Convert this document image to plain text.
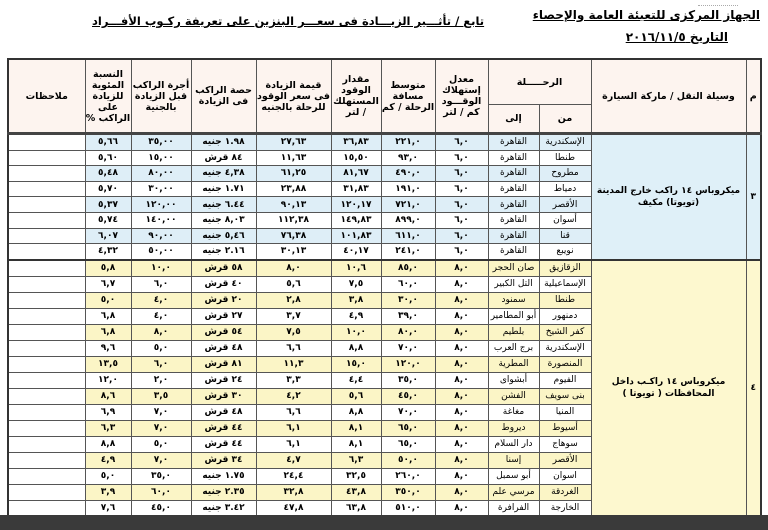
الجهاز المركزى للتعبئة العامة والإحصاء
التاريخ ٢٠١٦/١١/٥
تابع / تأثـــير الزيـــادة فى سعـــر البنزين على تعريفة ركـوب الأفـــراد
م	وسيلة النقل / ماركة السيارة	الرحـــــلة		معدل إستهلاك الوقـــود كم / لتر	متوسط مسافة الرحلة / كم	مقدار الوقود المستهلك / لتر	قيمة الزيادة فى سعر الوقود للرحلة بالجنيه	حصة الراكب فى الزيادة	أجرة الراكب قبل الزيادة بالجنية	النسبة المئوية للزيادة على الراكب %	ملاحظات
		من	إلى								
٣	ميكروباس ١٤ راكب خارج المدينة (تويوتا) مكيف	الإسكندرية	القاهرة	٦,٠	٢٢١,٠	٣٦,٨٣	٢٧,٦٣	١.٩٨ جنيه	٣٥,٠٠	٥,٦٦	
		طنطا	القاهرة	٦,٠	٩٣,٠	١٥,٥٠	١١,٦٣	٨٤ قرش	١٥,٠٠	٥,٦٠	
		مطروح	القاهرة	٦,٠	٤٩٠,٠	٨١,٦٧	٦١,٢٥	٤,٣٨ جنيه	٨٠,٠٠	٥,٤٨	
		دمياط	القاهرة	٦,٠	١٩١,٠	٣١,٨٣	٢٣,٨٨	١.٧١ جنيه	٣٠,٠٠	٥,٧٠	
		الأقصر	القاهرة	٦,٠	٧٢١,٠	١٢٠,١٧	٩٠,١٣	٦.٤٤ جنيه	١٢٠,٠٠	٥,٣٧	
		أسوان	القاهرة	٦,٠	٨٩٩,٠	١٤٩,٨٣	١١٢,٣٨	٨,٠٣ جنيه	١٤٠,٠٠	٥,٧٤	
		قنا	القاهرة	٦,٠	٦١١,٠	١٠١,٨٣	٧٦,٣٨	٥,٤٦ جنيه	٩٠,٠٠	٦,٠٧	
		نويبع	القاهرة	٦,٠	٢٤١,٠	٤٠,١٧	٣٠,١٣	٢.١٦ جنيه	٥٠,٠٠	٤,٣٢	
٤	ميكروباس ١٤ راكـب داخل المحافظات ( تويوتا )	الزقازيق	صان الحجر	٨,٠	٨٥,٠	١٠,٦	٨,٠	٥٨ قرش	١٠,٠	٥,٨	
		الإسماعيلية	التل الكبير	٨,٠	٦٠,٠	٧,٥	٥,٦	٤٠ قرش	٦,٠	٦,٧	
		طنطا	سمنود	٨,٠	٣٠,٠	٣,٨	٢,٨	٢٠ قرش	٤,٠	٥,٠	
		دمنهور	أبو المطامير	٨,٠	٣٩,٠	٤,٩	٣,٧	٢٧ قرش	٤,٠	٦,٨	
		كفر الشيخ	بلطيم	٨,٠	٨٠,٠	١٠,٠	٧,٥	٥٤ قرش	٨,٠	٦,٨	
		الإسكندرية	برج العرب	٨,٠	٧٠,٠	٨,٨	٦,٦	٤٨ قرش	٥,٠	٩,٦	
		المنصورة	المطرية	٨,٠	١٢٠,٠	١٥,٠	١١,٣	٨١ قرش	٦,٠	١٣,٥	
		الفيوم	أبشواى	٨,٠	٣٥,٠	٤,٤	٣,٣	٢٤ قرش	٢,٠	١٢,٠	
		بنى سويف	الفشن	٨,٠	٤٥,٠	٥,٦	٤,٢	٣٠ قرش	٣,٥	٨,٦	
		المنيا	مغاغة	٨,٠	٧٠,٠	٨,٨	٦,٦	٤٨ قرش	٧,٠	٦,٩	
		أسيوط	ديروط	٨,٠	٦٥,٠	٨,١	٦,١	٤٤ قرش	٧,٠	٦,٣	
		سوهاج	دار السلام	٨,٠	٦٥,٠	٨,١	٦,١	٤٤ قرش	٥,٠	٨,٨	
		الأقصر	إسنا	٨,٠	٥٠,٠	٦,٣	٤,٧	٣٤ قرش	٧,٠	٤,٩	
		اسوان	أبو سمبل	٨,٠	٢٦٠,٠	٣٢,٥	٢٤,٤	١.٧٥ جنيه	٣٥,٠	٥,٠	
		الغردقة	مرسي علم	٨,٠	٣٥٠,٠	٤٣,٨	٣٢,٨	٢.٣٥ جنيه	٦٠,٠	٣,٩	
		الخارجة	الفرافرة	٨,٠	٥١٠,٠	٦٣,٨	٤٧,٨	٣.٤٢ جنيه	٤٥,٠	٧,٦	
